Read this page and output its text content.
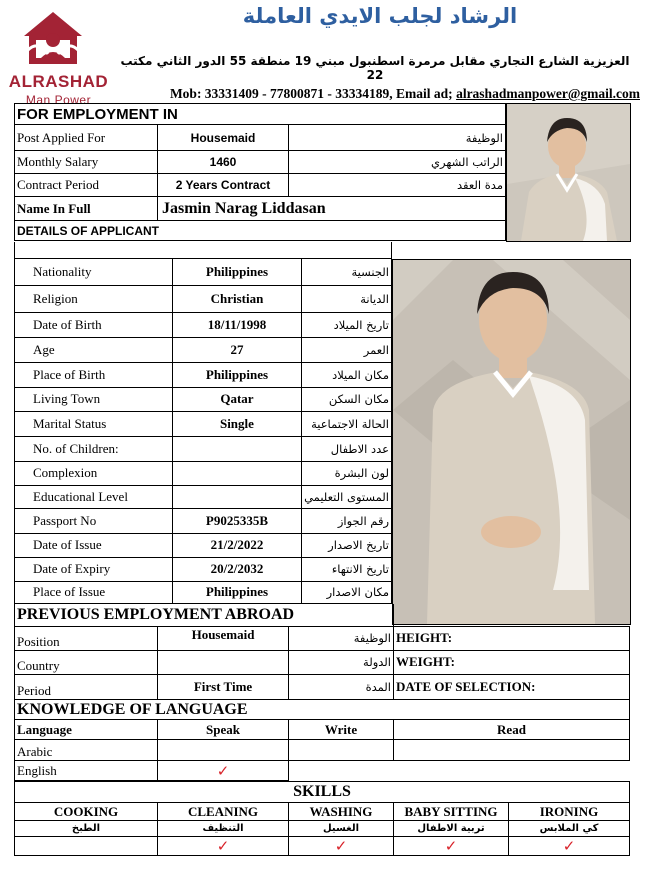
ALRASHAD
Man Power
الرشاد لجلب الايدي العاملة
العزيزية الشارع التجاري مقابل مرمرة اسطنبول مبني 19 منطقة 55 الدور الثاني مكتب 22
Mob: 33331409 - 77800871 - 33334189, Email ad; alrashadmanpower@gmail.com
FOR EMPLOYMENT IN		
Post Applied For	Housemaid	الوظيفة
Monthly Salary	1460	الراتب الشهري
Contract Period	2 Years Contract	مدة العقد
Name In Full	Jasmin Narag Liddasan	
DETAILS OF APPLICANT		

Nationality	Philippines	الجنسية
Religion	Christian	الديانة
Date of Birth	18/11/1998	تاريخ الميلاد
Age	27	العمر
Place of Birth	Philippines	مكان الميلاد
Living Town	Qatar	مكان السكن
Marital Status	Single	الحالة الاجتماعية
No. of Children:		عدد الاطفال
Complexion		لون البشرة
Educational Level		المستوى التعليمي
Passport No	P9025335B	رقم الجواز
Date of Issue	21/2/2022	تاريخ الاصدار
Date of Expiry	20/2/2032	تاريخ الانتهاء
Place of Issue	Philippines	مكان الاصدار
PREVIOUS EMPLOYMENT ABROAD			
Position	Housemaid	الوظيفة	HEIGHT:
Country		الدولة	WEIGHT:
Period	First Time	المدة	DATE OF SELECTION:
KNOWLEDGE OF LANGUAGE			
Language	Speak	Write	Read
Arabic			
English	✓		
SKILLS				
COOKING	CLEANING	WASHING	BABY SITTING	IRONING
الطبخ	التنظيف	الغسيل	تربية الاطفال	كي الملابس
	✓	✓	✓	✓
